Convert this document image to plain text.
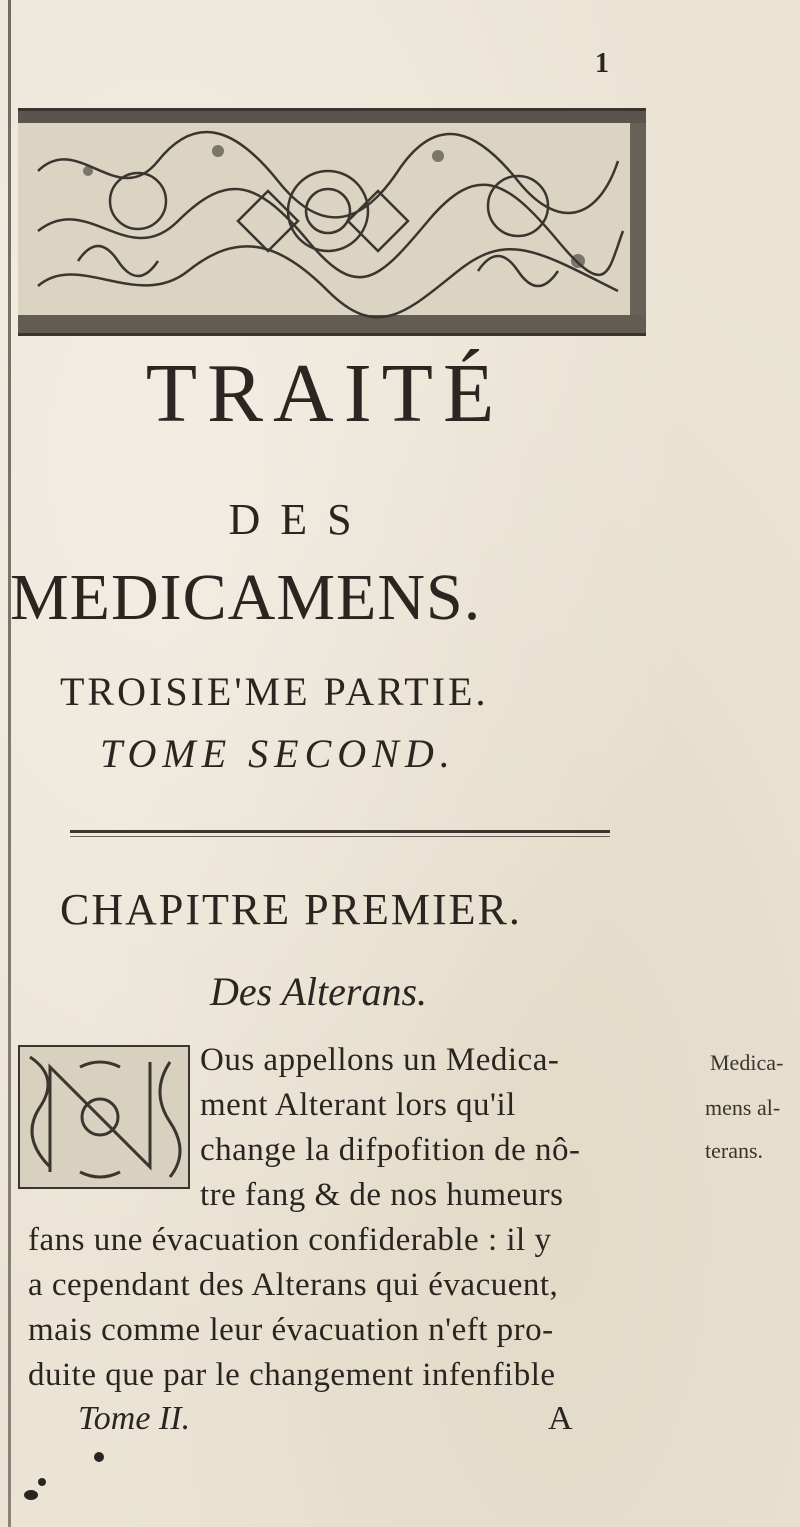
1
TRAITÉ
DES
MEDICAMENS.
TROISIE'ME PARTIE.
TOME SECOND.
CHAPITRE PREMIER.
Des Alterans.
Ous appellons un Medica-
ment Alterant lors qu'il
change la difpofition de nô-
tre fang & de nos humeurs
fans une évacuation confiderable : il y
a cependant des Alterans qui évacuent,
mais comme leur évacuation n'eft pro-
duite que par le changement infenfible
Medica-
mens al-
terans.
Tome II.	A
